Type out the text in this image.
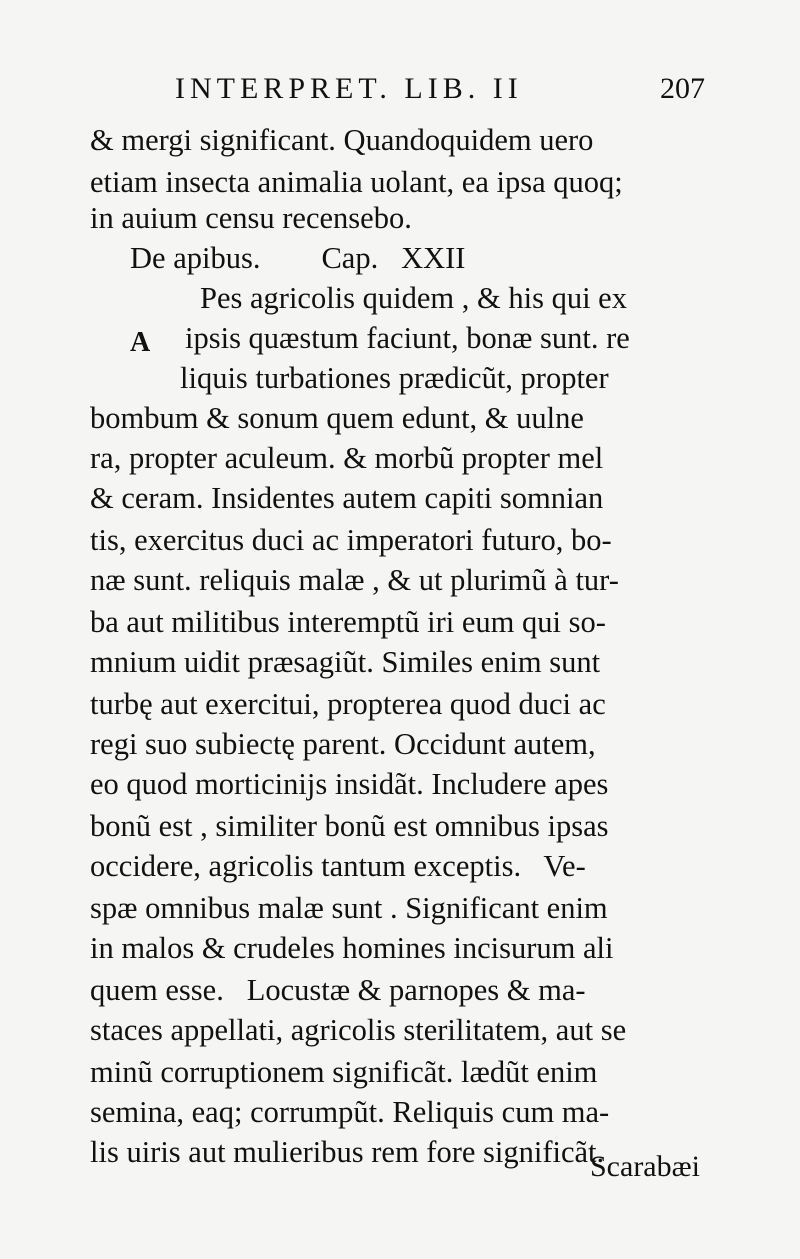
INTERPRET. LIB. II	207
A
& mergi significant. Quandoquidem uero
etiam insecta animalia uolant, ea ipsa quoq;
in auium censu recensebo.
De apibus.        Cap.   XXII
Pes agricolis quidem , & his qui ex
ipsis quæstum faciunt, bonæ sunt. re
liquis turbationes prædicũt, propter
bombum & sonum quem edunt, & uulne
ra, propter aculeum. & morbũ propter mel
& ceram. Insidentes autem capiti somnian
tis, exercitus duci ac imperatori futuro, bo-
næ sunt. reliquis malæ , & ut plurimũ à tur-
ba aut militibus interemptũ iri eum qui so-
mnium uidit præsagiũt. Similes enim sunt
turbę aut exercitui, propterea quod duci ac
regi suo subiectę parent. Occidunt autem,
eo quod morticinijs insidãt. Includere apes
bonũ est , similiter bonũ est omnibus ipsas
occidere, agricolis tantum exceptis.   Ve-
spæ omnibus malæ sunt . Significant enim
in malos & crudeles homines incisurum ali
quem esse.   Locustæ & parnopes & ma-
staces appellati, agricolis sterilitatem, aut se
minũ corruptionem significãt. lædũt enim
semina, eaq; corrumpũt. Reliquis cum ma-
lis uiris aut mulieribus rem fore significãt.
Scarabæi
